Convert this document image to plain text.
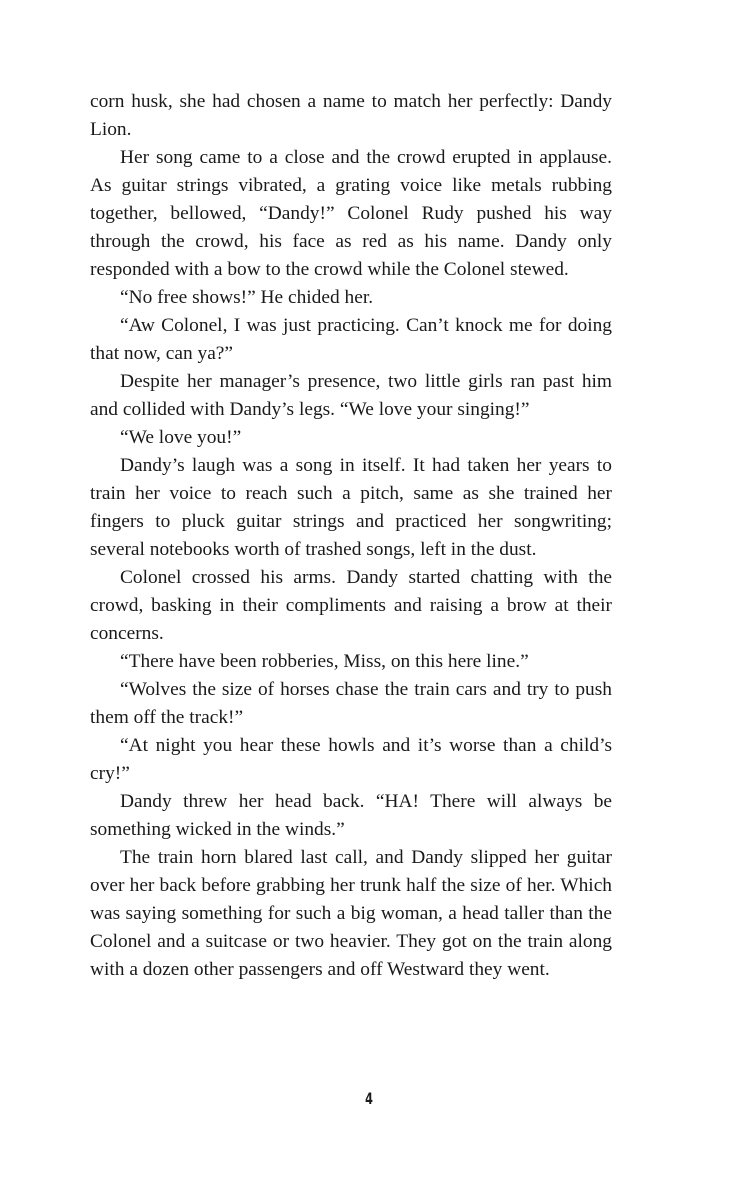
corn husk, she had chosen a name to match her perfectly: Dandy Lion.

Her song came to a close and the crowd erupted in applause. As guitar strings vibrated, a grating voice like metals rubbing together, bellowed, “Dandy!” Colonel Rudy pushed his way through the crowd, his face as red as his name. Dandy only responded with a bow to the crowd while the Colonel stewed.

“No free shows!” He chided her.

“Aw Colonel, I was just practicing. Can’t knock me for doing that now, can ya?”

Despite her manager’s presence, two little girls ran past him and collided with Dandy’s legs. “We love your singing!”

“We love you!”

Dandy’s laugh was a song in itself. It had taken her years to train her voice to reach such a pitch, same as she trained her fingers to pluck guitar strings and practiced her songwriting; several notebooks worth of trashed songs, left in the dust.

Colonel crossed his arms. Dandy started chatting with the crowd, basking in their compliments and raising a brow at their concerns.

“There have been robberies, Miss, on this here line.”

“Wolves the size of horses chase the train cars and try to push them off the track!”

“At night you hear these howls and it’s worse than a child’s cry!”

Dandy threw her head back. “HA! There will always be something wicked in the winds.”

The train horn blared last call, and Dandy slipped her guitar over her back before grabbing her trunk half the size of her. Which was saying something for such a big woman, a head taller than the Colonel and a suitcase or two heavier. They got on the train along with a dozen other passengers and off Westward they went.

4
